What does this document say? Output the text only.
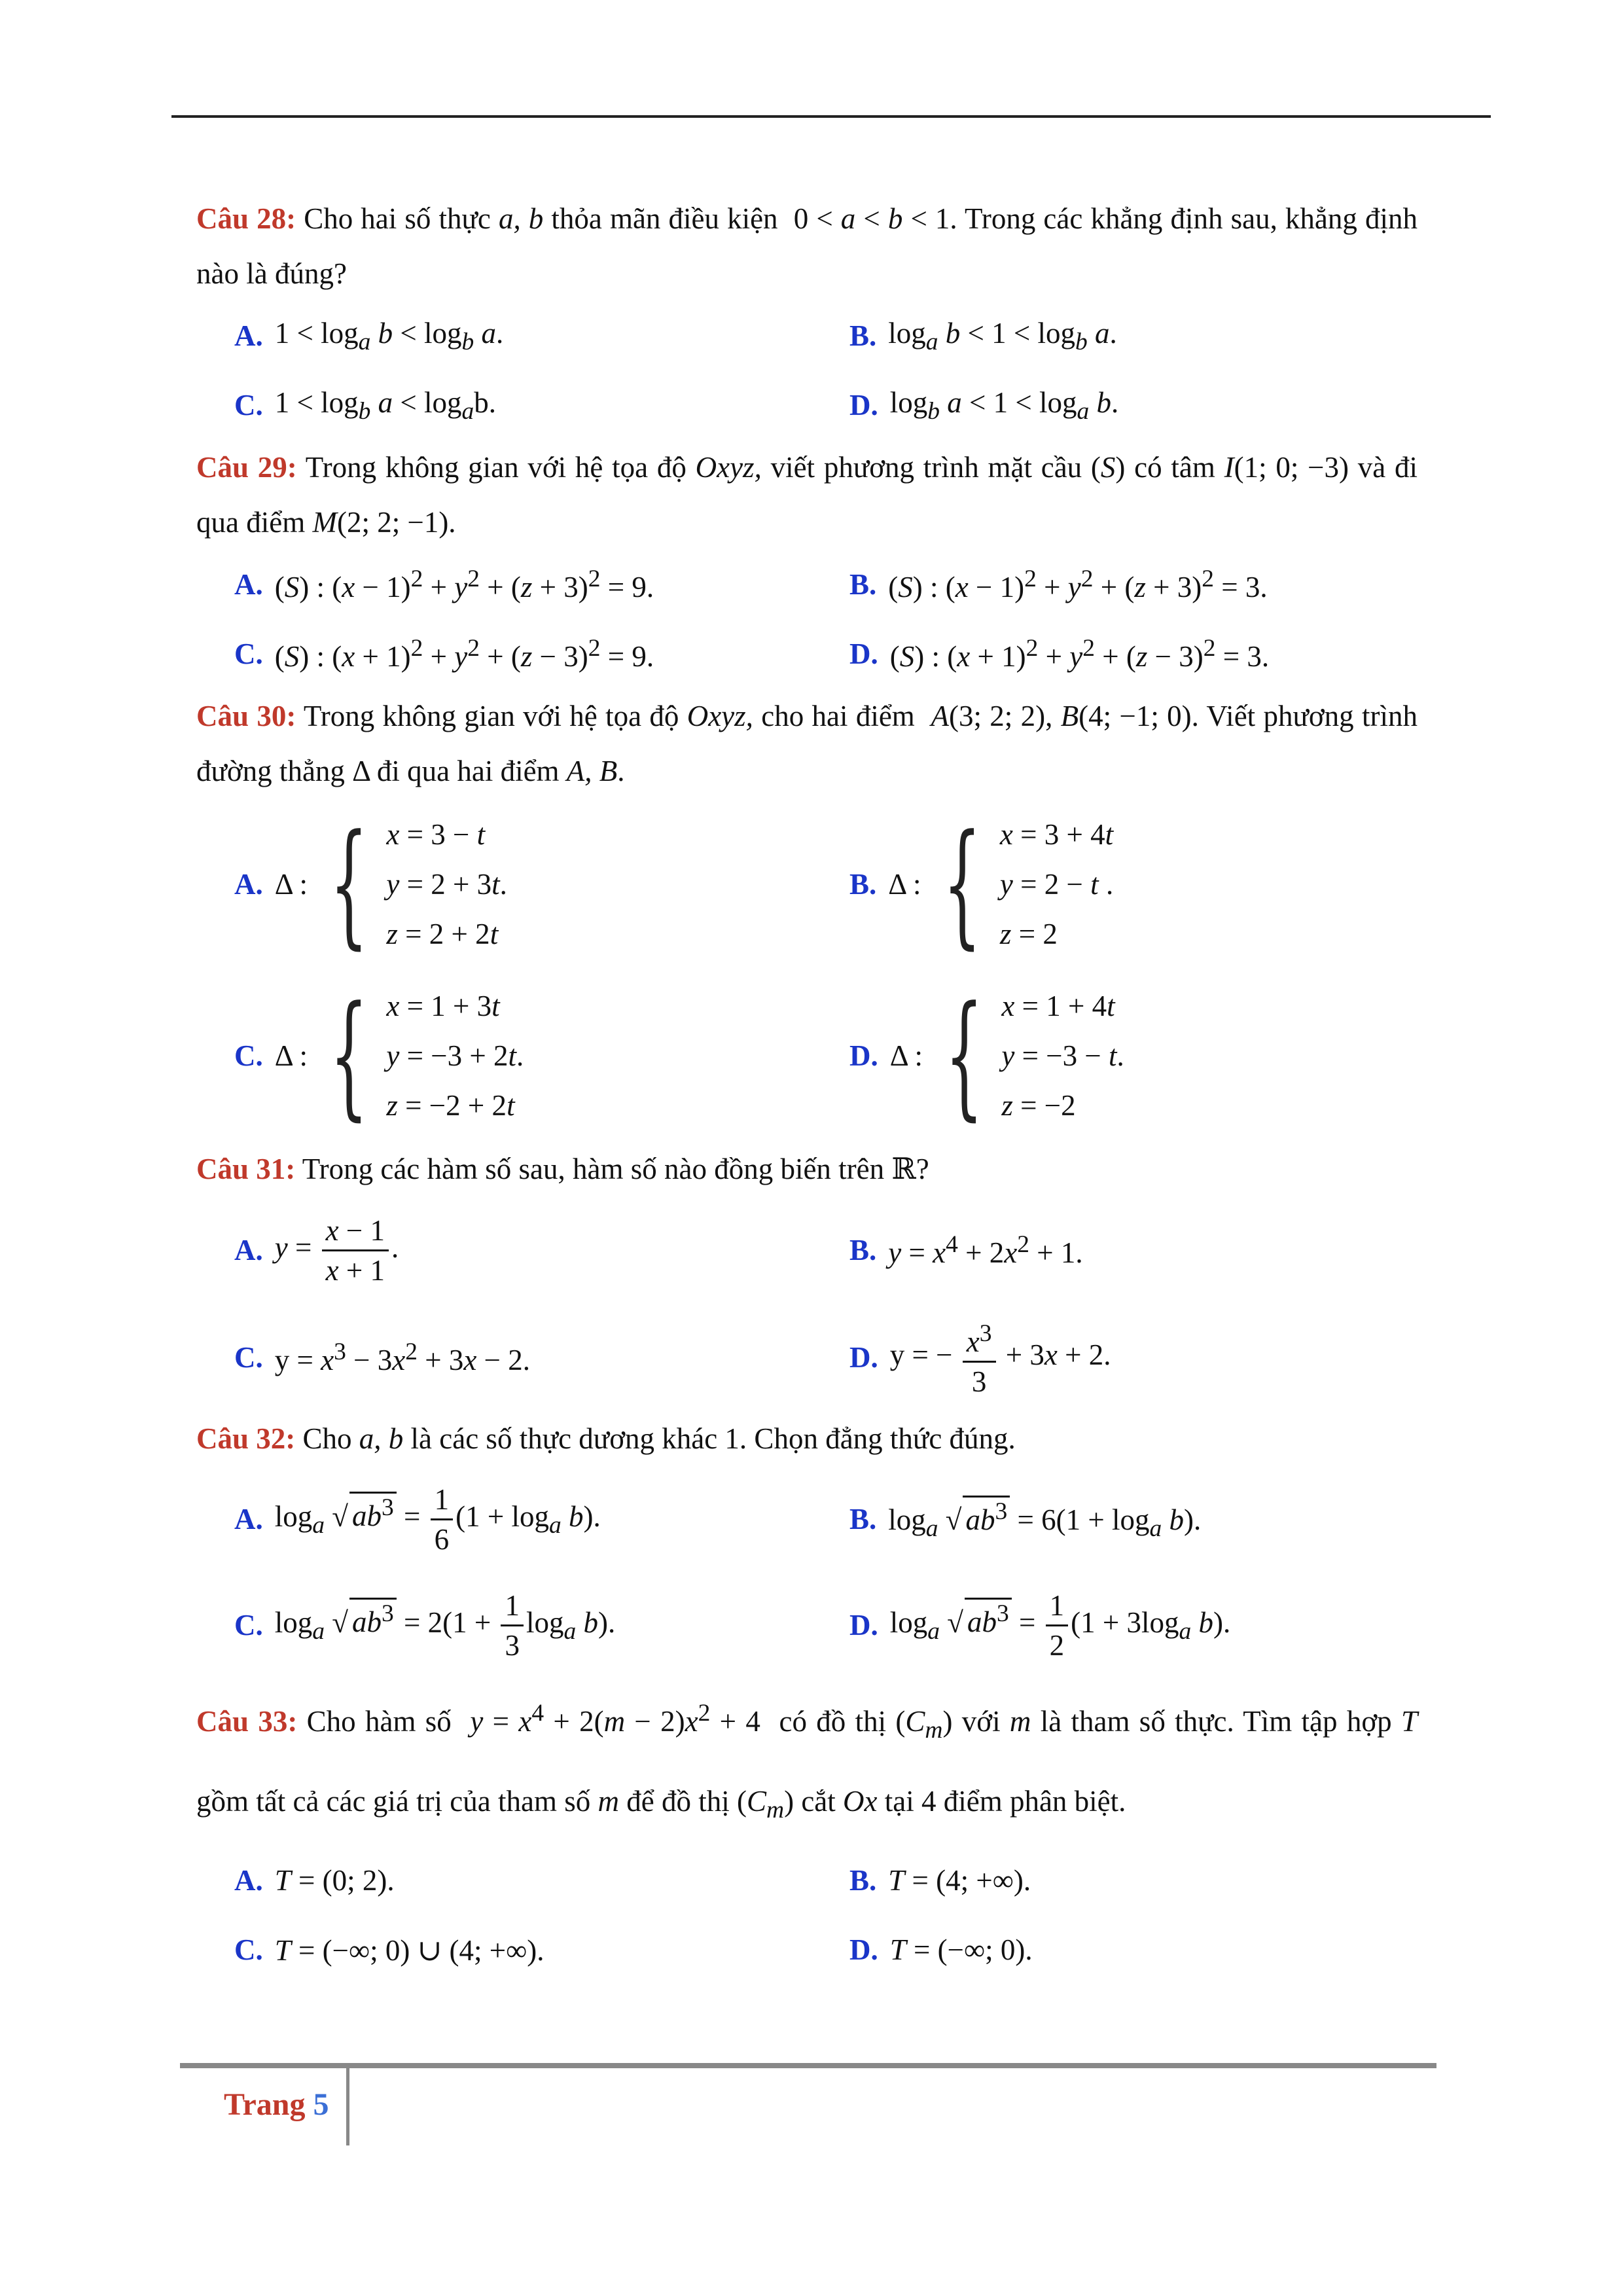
Câu 28: Cho hai số thực a, b thỏa mãn điều kiện  0 < a < b < 1. Trong các khẳng định sau, khẳng định nào là đúng?
A. $1 < \log_a b < \log_b a$.	B. $\log_a b < 1 < \log_b a$.
C. $1 < \log_b a < \log_ab$.	D. $\log_b a < 1 < \log_a b$.
Câu 29: Trong không gian với hệ tọa độ Oxyz, viết phương trình mặt cầu (S) có tâm I(1; 0; −3) và đi qua điểm M(2; 2; −1).
A. (S) : $(x - 1)^2 + y^2 + (z + 3)^2 = 9$.	B. (S) : $(x - 1)^2 + y^2 + (z + 3)^2 = 3$.
C. (S) : $(x + 1)^2 + y^2 + (z - 3)^2 = 9$.	D. (S) : $(x + 1)^2 + y^2 + (z - 3)^2 = 3$.
Câu 30: Trong không gian với hệ tọa độ Oxyz, cho hai điểm  A(3; 2; 2), B(4; −1; 0). Viết phương trình đường thẳng Δ đi qua hai điểm A, B.
A. Δ : { x = 3 − t
y = 2 + 3t.
z = 2 + 2t
B. Δ : { x = 3 + 4t
y = 2 − t .
z = 2
C. Δ : { x = 1 + 3t
y = −3 + 2t.
z = −2 + 2t
D. Δ : { x = 1 + 4t
y = −3 − t.
z = −2
Câu 31: Trong các hàm số sau, hàm số nào đồng biến trên ℝ?
A. $y = \frac{x - 1}{x + 1}$ .	B. $y = x^4 + 2x^2 + 1$.
C. $y = x^3 - 3x^2 + 3x - 2$.	D. y = − $\frac{x^3}{3} + 3x + 2$.
Câu 32: Cho a, b là các số thực dương khác 1. Chọn đẳng thức đúng.
A. $\log_a$ √ $ab^3 = \frac{1}{6} (1 + \log_a b)$.	B. $\log_a$ √ $ab^3 = 6(1 + \log_a b)$.
C. $\log_a$ √ $ab^3 = 2(1 + \frac{1}{3} \log_a b)$.	D. $\log_a$ √ $ab^3 = \frac{1}{2} (1 + 3\log_a$ b).
Câu 33: Cho hàm số  $y = x^4 + 2(m - 2)x^2 + 4$  có đồ thị $(C_m)$ với m là tham số thực. Tìm tập hợp T gồm tất cả các giá trị của tham số m để đồ thị $(C_m)$ cắt Ox tại 4 điểm phân biệt.
A. T = (0; 2).	B. T = (4; +∞).
C. T = (−∞; 0) ∪ (4; +∞).	D. T = (−∞; 0).
Trang 5
